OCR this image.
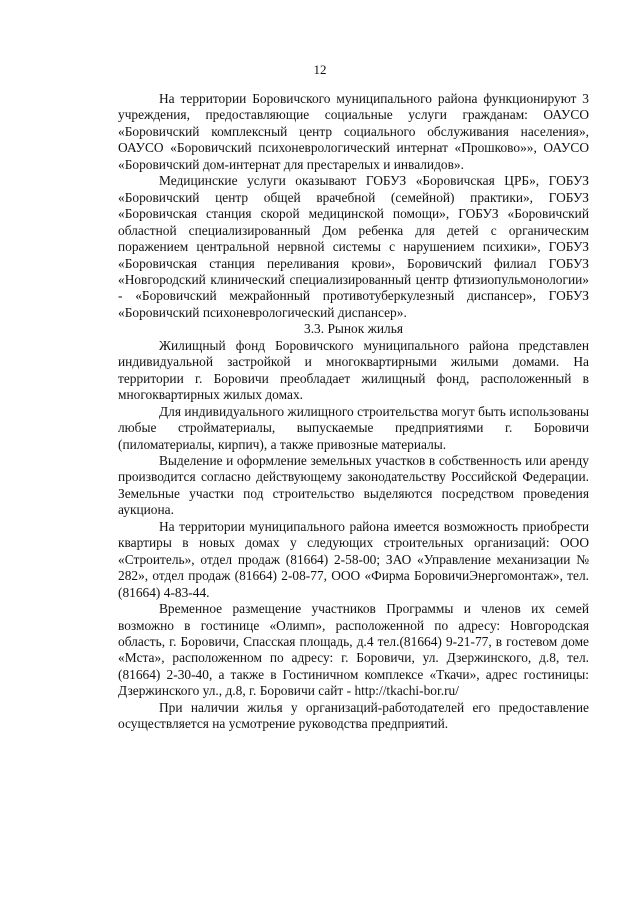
12

На территории Боровичского муниципального района функционируют 3 учреждения, предоставляющие социальные услуги гражданам: ОАУСО «Боровичский комплексный центр социального обслуживания населения», ОАУСО «Боровичский психоневрологический интернат «Прошково»», ОАУСО «Боровичский дом-интернат для престарелых и инвалидов».

Медицинские услуги оказывают ГОБУЗ «Боровичская ЦРБ», ГОБУЗ «Боровичский центр общей врачебной (семейной) практики», ГОБУЗ «Боровичская станция скорой медицинской помощи», ГОБУЗ «Боровичский областной специализированный Дом ребенка для детей с органическим поражением центральной нервной системы с нарушением психики», ГОБУЗ «Боровичская станция переливания крови», Боровичский филиал ГОБУЗ «Новгородский клинический специализированный центр фтизиопульмонологии» - «Боровичский межрайонный противотуберкулезный диспансер», ГОБУЗ «Боровичский психоневрологический диспансер».

3.3. Рынок жилья

Жилищный фонд Боровичского муниципального района представлен индивидуальной застройкой и многоквартирными жилыми домами. На территории г. Боровичи преобладает жилищный фонд, расположенный в многоквартирных жилых домах.

Для индивидуального жилищного строительства могут быть использованы любые стройматериалы, выпускаемые предприятиями г. Боровичи (пиломатериалы, кирпич), а также привозные материалы.

Выделение и оформление земельных участков в собственность или аренду производится согласно действующему законодательству Российской Федерации. Земельные участки под строительство выделяются посредством проведения аукциона.

На территории муниципального района имеется возможность приобрести квартиры в новых домах у следующих строительных организаций: ООО «Строитель», отдел продаж (81664) 2-58-00; ЗАО «Управление механизации № 282», отдел продаж (81664) 2-08-77, ООО «Фирма БоровичиЭнергомонтаж», тел. (81664) 4-83-44.

Временное размещение участников Программы и членов их семей возможно в гостинице «Олимп», расположенной по адресу: Новгородская область, г. Боровичи, Спасская площадь, д.4 тел.(81664) 9-21-77, в гостевом доме «Мста», расположенном по адресу: г. Боровичи, ул. Дзержинского, д.8, тел. (81664) 2-30-40, а также в Гостиничном комплексе «Ткачи», адрес гостиницы: Дзержинского ул., д.8, г. Боровичи сайт - http://tkachi-bor.ru/

При наличии жилья у организаций-работодателей его предоставление осуществляется на усмотрение руководства предприятий.
